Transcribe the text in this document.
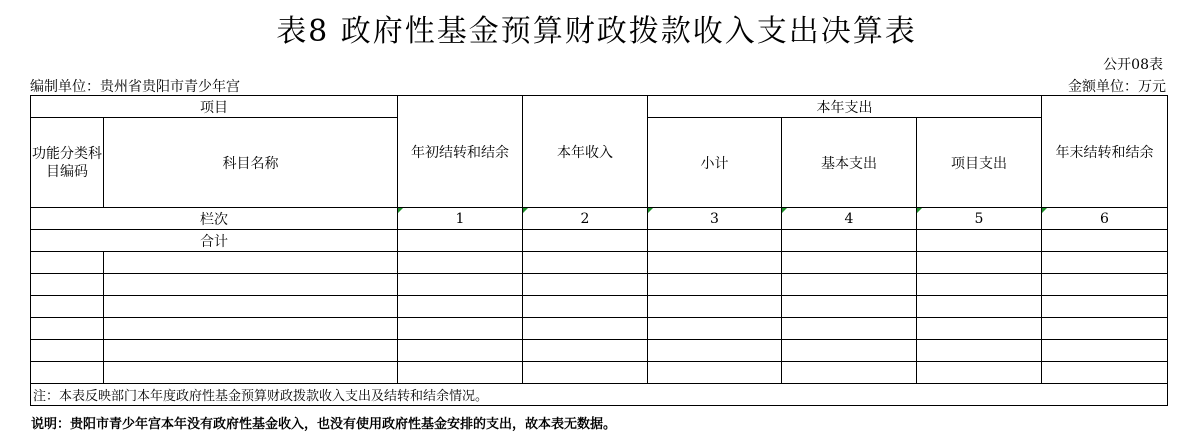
表8 政府性基金预算财政拨款收入支出决算表
公开08表
编制单位：贵州省贵阳市青少年宫	金额单位：万元
项目		年初结转和结余	本年收入	本年支出			年末结转和结余
功能分类科目编码	科目名称			小计	基本支出	项目支出	
栏次		1	2	3	4	5	6
合计							

注：本表反映部门本年度政府性基金预算财政拨款收入支出及结转和结余情况。							
说明：贵阳市青少年宫本年没有政府性基金收入，也没有使用政府性基金安排的支出，故本表无数据。
